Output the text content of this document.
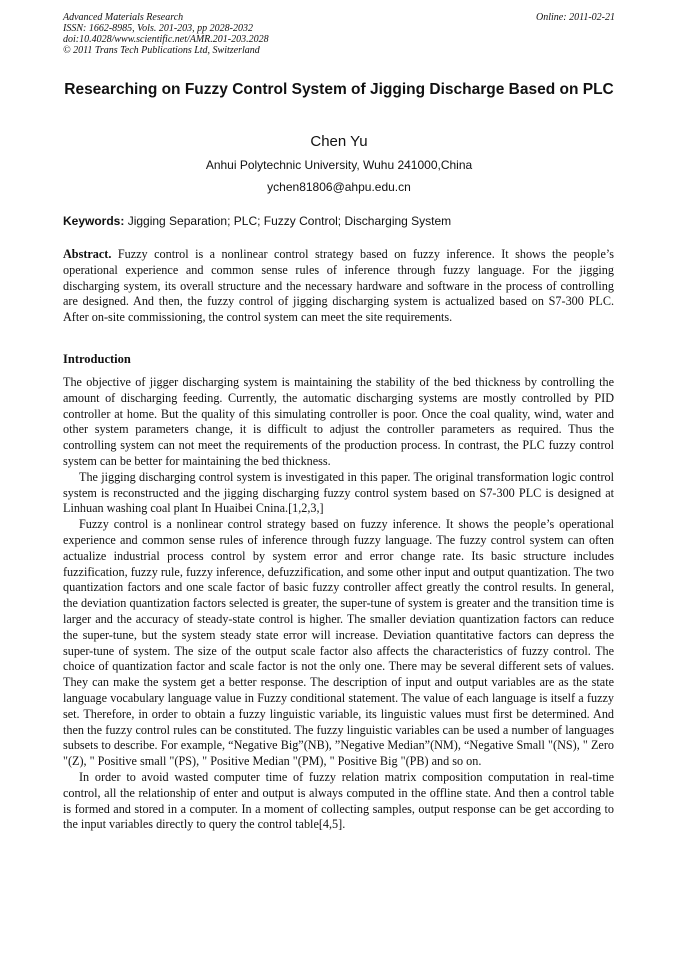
Advanced Materials Research
ISSN: 1662-8985, Vols. 201-203, pp 2028-2032
doi:10.4028/www.scientific.net/AMR.201-203.2028
© 2011 Trans Tech Publications Ltd, Switzerland
Online: 2011-02-21
Researching on Fuzzy Control System of Jigging Discharge Based on PLC
Chen Yu
Anhui Polytechnic University, Wuhu 241000,China
ychen81806@ahpu.edu.cn
Keywords: Jigging Separation; PLC; Fuzzy Control; Discharging System
Abstract. Fuzzy control is a nonlinear control strategy based on fuzzy inference. It shows the people’s operational experience and common sense rules of inference through fuzzy language. For the jigging discharging system, its overall structure and the necessary hardware and software in the process of controlling are designed. And then, the fuzzy control of jigging discharging system is actualized based on S7-300 PLC. After on-site commissioning, the control system can meet the site requirements.
Introduction

The objective of jigger discharging system is maintaining the stability of the bed thickness by controlling the amount of discharging feeding. Currently, the automatic discharging systems are mostly controlled by PID controller at home. But the quality of this simulating controller is poor. Once the coal quality, wind, water and other system parameters change, it is difficult to adjust the controller parameters as required. Thus the controlling system can not meet the requirements of the production process. In contrast, the PLC fuzzy control system can be better for maintaining the bed thickness.

The jigging discharging control system is investigated in this paper. The original transformation logic control system is reconstructed and the jigging discharging fuzzy control system based on S7-300 PLC is designed at Linhuan washing coal plant In Huaibei Cnina.[1,2,3,]

Fuzzy control is a nonlinear control strategy based on fuzzy inference. It shows the people’s operational experience and common sense rules of inference through fuzzy language. The fuzzy control system can often actualize industrial process control by system error and error change rate. Its basic structure includes fuzzification, fuzzy rule, fuzzy inference, defuzzification, and some other input and output quantization. The two quantization factors and one scale factor of basic fuzzy controller affect greatly the control results. In general, the deviation quantization factors selected is greater, the super-tune of system is greater and the transition time is larger and the accuracy of steady-state control is higher. The smaller deviation quantization factors can reduce the super-tune, but the system steady state error will increase. Deviation quantitative factors can depress the super-tune of system. The size of the output scale factor also affects the characteristics of fuzzy control. The choice of quantization factor and scale factor is not the only one. There may be several different sets of values. They can make the system get a better response. The description of input and output variables are as the state language vocabulary language value in Fuzzy conditional statement. The value of each language is itself a fuzzy set. Therefore, in order to obtain a fuzzy linguistic variable, its linguistic values must first be determined. And then the fuzzy control rules can be constituted. The fuzzy linguistic variables can be used a number of languages subsets to describe. For example, “Negative Big”(NB), ”Negative Median”(NM), “Negative Small "(NS), " Zero "(Z), " Positive small "(PS), " Positive Median "(PM), " Positive Big "(PB) and so on.

In order to avoid wasted computer time of fuzzy relation matrix composition computation in real-time control, all the relationship of enter and output is always computed in the offline state. And then a control table is formed and stored in a computer. In a moment of collecting samples, output response can be get according to the input variables directly to query the control table[4,5].
